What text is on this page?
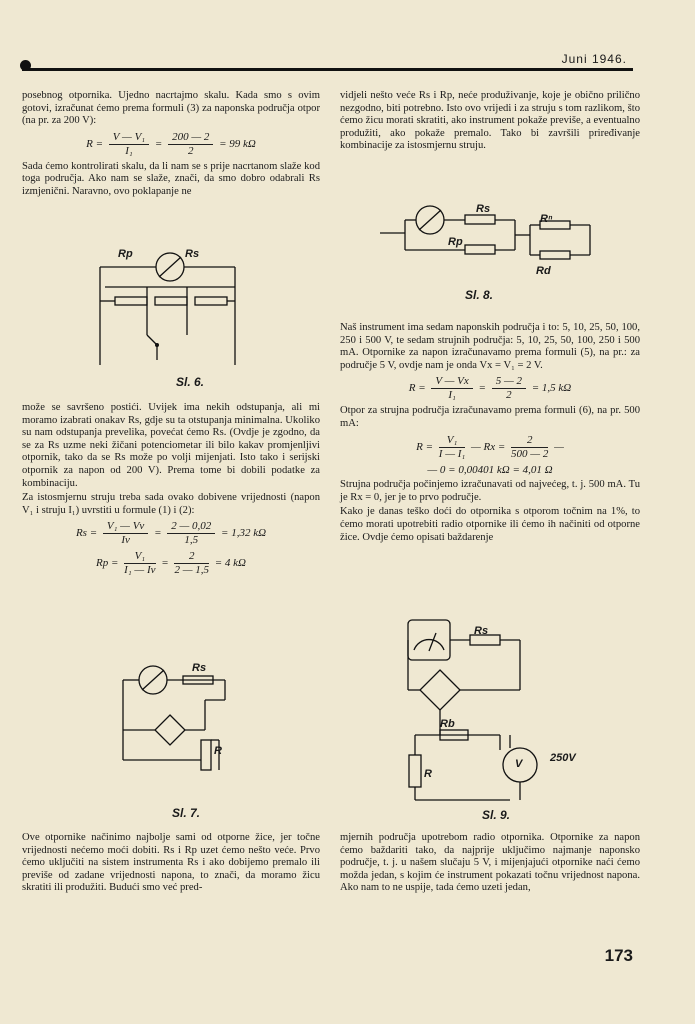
Juni 1946.

posebnog otpornika. Ujedno nacrtajmo skalu. Kada smo s ovim gotovi, izračunat ćemo prema formuli (3) za naponska područja otpor (na pr. za 200 V):

$R = \frac{\text{V — V₁}}{\text{I₁}} = \frac{200 — 2}{2} = 99$ kΩ

Sada ćemo kontrolirati skalu, da li nam se s prije nacrtanom slaže kod toga područja. Ako nam se slaže, znači, da smo dobro odabrali Rs izmjenični. Naravno, ovo poklapanje ne

Rp	Rs
Sl. 6.

može se savršeno postići. Uvijek ima nekih odstupanja, ali mi moramo izabrati onakav Rs, gdje su ta otstupanja minimalna. Ukoliko su nam odstupanja prevelika, povećat ćemo Rs. (Ovdje je zgodno, da se za Rs uzme neki žičani potenciometar ili bilo kakav promjenljivi otpornik, tako da se Rs može po volji mijenjati. Isto tako i serijski otpornik za napon od 200 V). Prema tome bi dobili podatke za kombinaciju.

Za istosmjernu struju treba sada ovako dobivene vrijednosti (napon V₁ i struju I₁) uvrstiti u formule (1) i (2):

$Rs = \frac{\text{V₁ — Vv}}{Iv} = \frac{2 — 0,02}{1,5} = 1,32$ kΩ
$Rp = \frac{\text{V₁}}{\text{I₁ — Iv}} = \frac{2}{2 — 1,5} = 4$ kΩ
Rs
R
Sl. 7.

Ove otpornike načinimo najbolje sami od otporne žice, jer točne vrijednosti nećemo moći dobiti. Rs i Rp uzet ćemo nešto veće. Prvo ćemo uključiti na sistem instrumenta Rs i ako dobijemo premalo ili previše od zadane vrijednosti napona, to znači, da moramo žicu skratiti ili produžiti. Budući smo već pred-

vidjeli nešto veće Rs i Rp, neće produživanje, koje je obično prilično nezgodno, biti potrebno. Isto ovo vrijedi i za struju s tom razlikom, što ćemo žicu morati skratiti, ako instrument pokaže previše, a eventualno produžiti, ako pokaže premalo. Tako bi završili priređivanje kombinacije za istosmjernu struju.

Rs
Rp
Rⁿ
Rd
Sl. 8.

Naš instrument ima sedam naponskih područja i to: 5, 10, 25, 50, 100, 250 i 500 V, te sedam strujnih područja: 5, 10, 25, 50, 100, 250 i 500 mA. Otpornike za napon izračunavamo prema formuli (5), na pr.: za područje 5 V, ovdje nam je onda Vx = V₁ = 2 V.

$R = \frac{V — Vx}{\text{I₁}} = \frac{5 — 2}{2} = 1,5$ kΩ

Otpor za strujna područja izračunavamo prema formuli (6), na pr. 500 mA:

$R = \frac{\text{V₁}}{\text{I — I₁}}$ — $Rx = \frac{2}{500 — 2}$ —
— 0 = 0,00401 kΩ = 4,01 Ω

Strujna područja počinjemo izračunavati od najvećeg, t. j. 500 mA. Tu je Rx = 0, jer je to prvo područje.

Kako je danas teško doći do otpornika s otporom točnim na 1%, to ćemo morati upotrebiti radio otpornike ili ćemo ih načiniti od otporne žice. Ovdje ćemo opisati baždarenje

Rs
Rb
R
V	250V
Sl. 9.

mjernih područja upotrebom radio otpornika. Otpornike za napon ćemo baždariti tako, da najprije uključimo najmanje naponsko područje, t. j. u našem slučaju 5 V, i mijenjajući otpornike naći ćemo možda jedan, s kojim će instrument pokazati točnu vrijednost napona. Ako nam to ne uspije, tada ćemo uzeti jedan,

173
